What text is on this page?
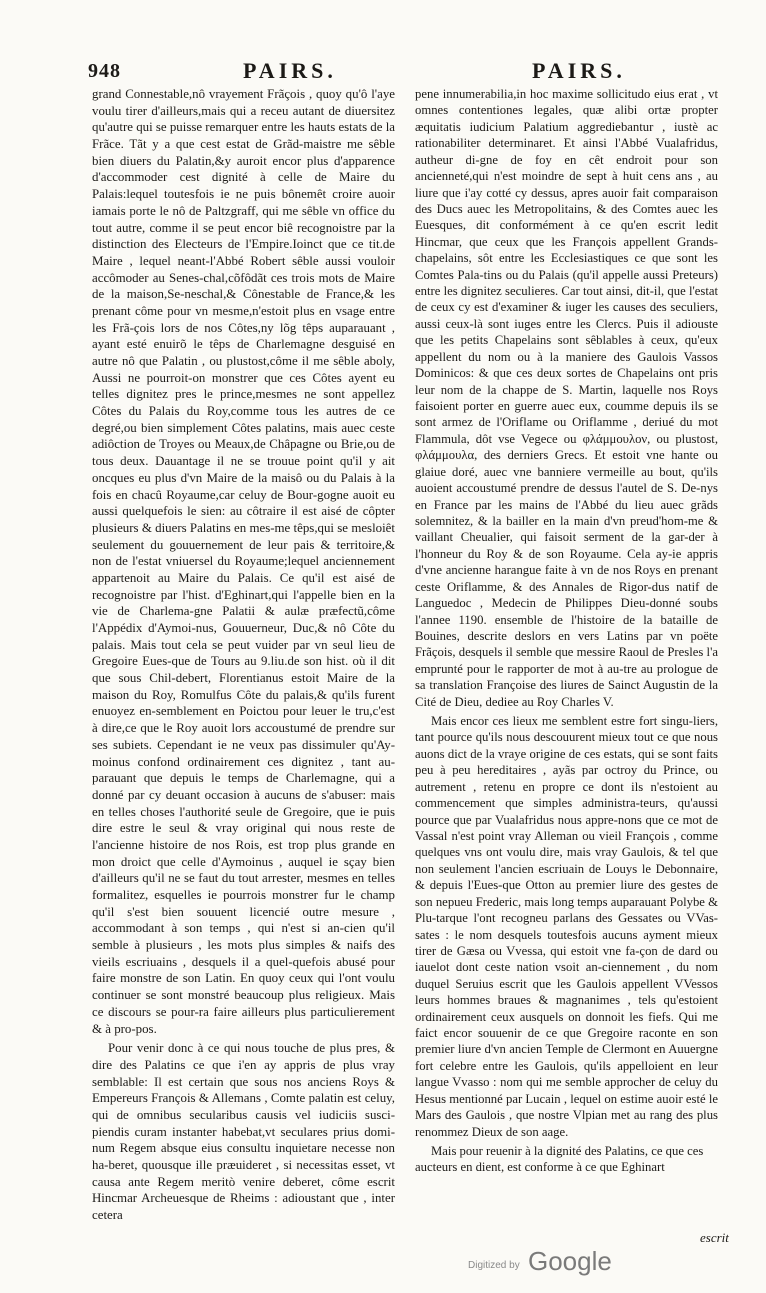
948	PAIRS.	PAIRS.

grand Connestable,nô vrayement Frãçois , quoy qu'ô l'aye voulu tirer d'ailleurs,mais qui a receu autant de diuersitez qu'autre qui se puisse remarquer entre les hauts estats de la Frãce. Tãt y a que cest estat de Grãd-maistre me sêble bien diuers du Palatin,&y auroit encor plus d'apparence d'accommoder cest dignité à celle de Maire du Palais:lequel toutesfois ie ne puis bônemêt croire auoir iamais porte le nô de Paltzgraff, qui me sêble vn office du tout autre, comme il se peut encor biê recognoistre par la distinction des Electeurs de l'Empire.Ioinct que ce tit.de Maire , lequel neant-l'Abbé Robert sêble aussi vouloir accômoder au Senes-chal,cõfôdãt ces trois mots de Maire de la maison,Se-neschal,& Cônestable de France,& les prenant côme pour vn mesme,n'estoit plus en vsage entre les Frã-çois lors de nos Côtes,ny lõg têps auparauant , ayant esté enuirõ le têps de Charlemagne desguisé en autre nô que Palatin , ou plustost,côme il me sêble aboly, Aussi ne pourroit-on monstrer que ces Côtes ayent eu telles dignitez pres le prince,mesmes ne sont appellez Côtes du Palais du Roy,comme tous les autres de ce degré,ou bien simplement Côtes palatins, mais auec ceste adiôction de Troyes ou Meaux,de Châpagne ou Brie,ou de tous deux. Dauantage il ne se trouue point qu'il y ait oncques eu plus d'vn Maire de la maisô ou du Palais à la fois en chacû Royaume,car celuy de Bour-gogne auoit eu aussi quelquefois le sien: au côtraire il est aisé de côpter plusieurs & diuers Palatins en mes-me têps,qui se mesloiêt seulement du gouuernement de leur pais & territoire,& non de l'estat vniuersel du Royaume;lequel anciennement appartenoit au Maire du Palais. Ce qu'il est aisé de recognoistre par l'hist. d'Eghinart,qui l'appelle bien en la vie de Charlema-gne Palatii & aulæ præfectũ,côme l'Appédix d'Aymoi-nus, Gouuerneur, Duc,& nô Côte du palais. Mais tout cela se peut vuider par vn seul lieu de Gregoire Eues-que de Tours au 9.liu.de son hist. où il dit que sous Chil-debert, Florentianus estoit Maire de la maison du Roy, Romulfus Côte du palais,& qu'ils furent enuoyez en-semblement en Poictou pour leuer le tru,c'est à dire,ce que le Roy auoit lors accoustumé de prendre sur ses subiets. Cependant ie ne veux pas dissimuler qu'Ay-moinus confond ordinairement ces dignitez , tant au-parauant que depuis le temps de Charlemagne, qui a donné par cy deuant occasion à aucuns de s'abuser: mais en telles choses l'authorité seule de Gregoire, que ie puis dire estre le seul & vray original qui nous reste de l'ancienne histoire de nos Rois, est trop plus grande en mon droict que celle d'Aymoinus , auquel ie sçay bien d'ailleurs qu'il ne se faut du tout arrester, mesmes en telles formalitez, esquelles ie pourrois monstrer fur le champ qu'il s'est bien souuent licencié outre mesure , accommodant à son temps , qui n'est si an-cien qu'il semble à plusieurs , les mots plus simples & naifs des vieils escriuains , desquels il a quel-quefois abusé pour faire monstre de son Latin. En quoy ceux qui l'ont voulu continuer se sont monstré beaucoup plus religieux. Mais ce discours se pour-ra faire ailleurs plus particulierement & à pro-pos.

Pour venir donc à ce qui nous touche de plus pres, & dire des Palatins ce que i'en ay appris de plus vray semblable: Il est certain que sous nos anciens Roys & Empereurs François & Allemans , Comte palatin est celuy, qui de omnibus secularibus causis vel iudiciis susci-piendis curam instanter habebat,vt seculares prius domi-num Regem absque eius consultu inquietare necesse non ha-beret, quousque ille præuideret , si necessitas esset, vt causa ante Regem meritò venire deberet, côme escrit Hincmar Archeuesque de Rheims : adioustant que , inter cetera

pene innumerabilia,in hoc maxime sollicitudo eius erat , vt omnes contentiones legales, quæ alibi ortæ propter æquitatis iudicium Palatium aggrediebantur , iustè ac rationabiliter determinaret. Et ainsi l'Abbé Vualafridus, autheur di-gne de foy en cêt endroit pour son ancienneté,qui n'est moindre de sept à huit cens ans , au liure que i'ay cotté cy dessus, apres auoir fait comparaison des Ducs auec les Metropolitains, & des Comtes auec les Euesques, dit conformément à ce qu'en escrit ledit Hincmar, que ceux que les François appellent Grands-chapelains, sôt entre les Ecclesiastiques ce que sont les Comtes Pala-tins ou du Palais (qu'il appelle aussi Preteurs) entre les dignitez seculieres. Car tout ainsi, dit-il, que l'estat de ceux cy est d'examiner & iuger les causes des seculiers, aussi ceux-là sont iuges entre les Clercs. Puis il adiouste que les petits Chapelains sont sêblables à ceux, qu'eux appellent du nom ou à la maniere des Gaulois Vassos Dominicos: & que ces deux sortes de Chapelains ont pris leur nom de la chappe de S. Martin, laquelle nos Roys faisoient porter en guerre auec eux, coumme depuis ils se sont armez de l'Oriflame ou Oriflamme , deriué du mot Flammula, dôt vse Vegece ou φλάμμουλον, ou plustost, φλάμμουλα, des derniers Grecs. Et estoit vne hante ou glaiue doré, auec vne banniere vermeille au bout, qu'ils auoient accoustumé prendre de dessus l'autel de S. De-nys en France par les mains de l'Abbé du lieu auec grãds solemnitez, & la bailler en la main d'vn preud'hom-me & vaillant Cheualier, qui faisoit serment de la gar-der à l'honneur du Roy & de son Royaume. Cela ay-ie appris d'vne ancienne harangue faite à vn de nos Roys en prenant ceste Oriflamme, & des Annales de Rigor-dus natif de Languedoc , Medecin de Philippes Dieu-donné soubs l'annee 1190. ensemble de l'histoire de la bataille de Bouines, descrite deslors en vers Latins par vn poëte Frãçois, desquels il semble que messire Raoul de Presles l'a emprunté pour le rapporter de mot à au-tre au prologue de sa translation Françoise des liures de Sainct Augustin de la Cité de Dieu, dediee au Roy Charles V.

Mais encor ces lieux me semblent estre fort singu-liers, tant pource qu'ils nous descouurent mieux tout ce que nous auons dict de la vraye origine de ces estats, qui se sont faits peu à peu hereditaires , ayãs par octroy du Prince, ou autrement , retenu en propre ce dont ils n'estoient au commencement que simples administra-teurs, qu'aussi pource que par Vualafridus nous appre-nons que ce mot de Vassal n'est point vray Alleman ou vieil François , comme quelques vns ont voulu dire, mais vray Gaulois, & tel que non seulement l'ancien escriuain de Louys le Debonnaire, & depuis l'Eues-que Otton au premier liure des gestes de son nepueu Frederic, mais long temps auparauant Polybe & Plu-tarque l'ont recogneu parlans des Gessates ou VVas-sates : le nom desquels toutesfois aucuns ayment mieux tirer de Gæsa ou Vvessa, qui estoit vne fa-çon de dard ou iauelot dont ceste nation vsoit an-ciennement , du nom duquel Seruius escrit que les Gaulois appellent VVessos leurs hommes braues & magnanimes , tels qu'estoient ordinairement ceux ausquels on donnoit les fiefs. Qui me faict encor souuenir de ce que Gregoire raconte en son premier liure d'vn ancien Temple de Clermont en Auuergne fort celebre entre les Gaulois, qu'ils appelloient en leur langue Vvasso : nom qui me semble approcher de celuy du Hesus mentionné par Lucain , lequel on estime auoir esté le Mars des Gaulois , que nostre Vlpian met au rang des plus renommez Dieux de son aage.

Mais pour reuenir à la dignité des Palatins, ce que ces aucteurs en dient, est conforme à ce que Eghinart

escrit
Digitized by Google
